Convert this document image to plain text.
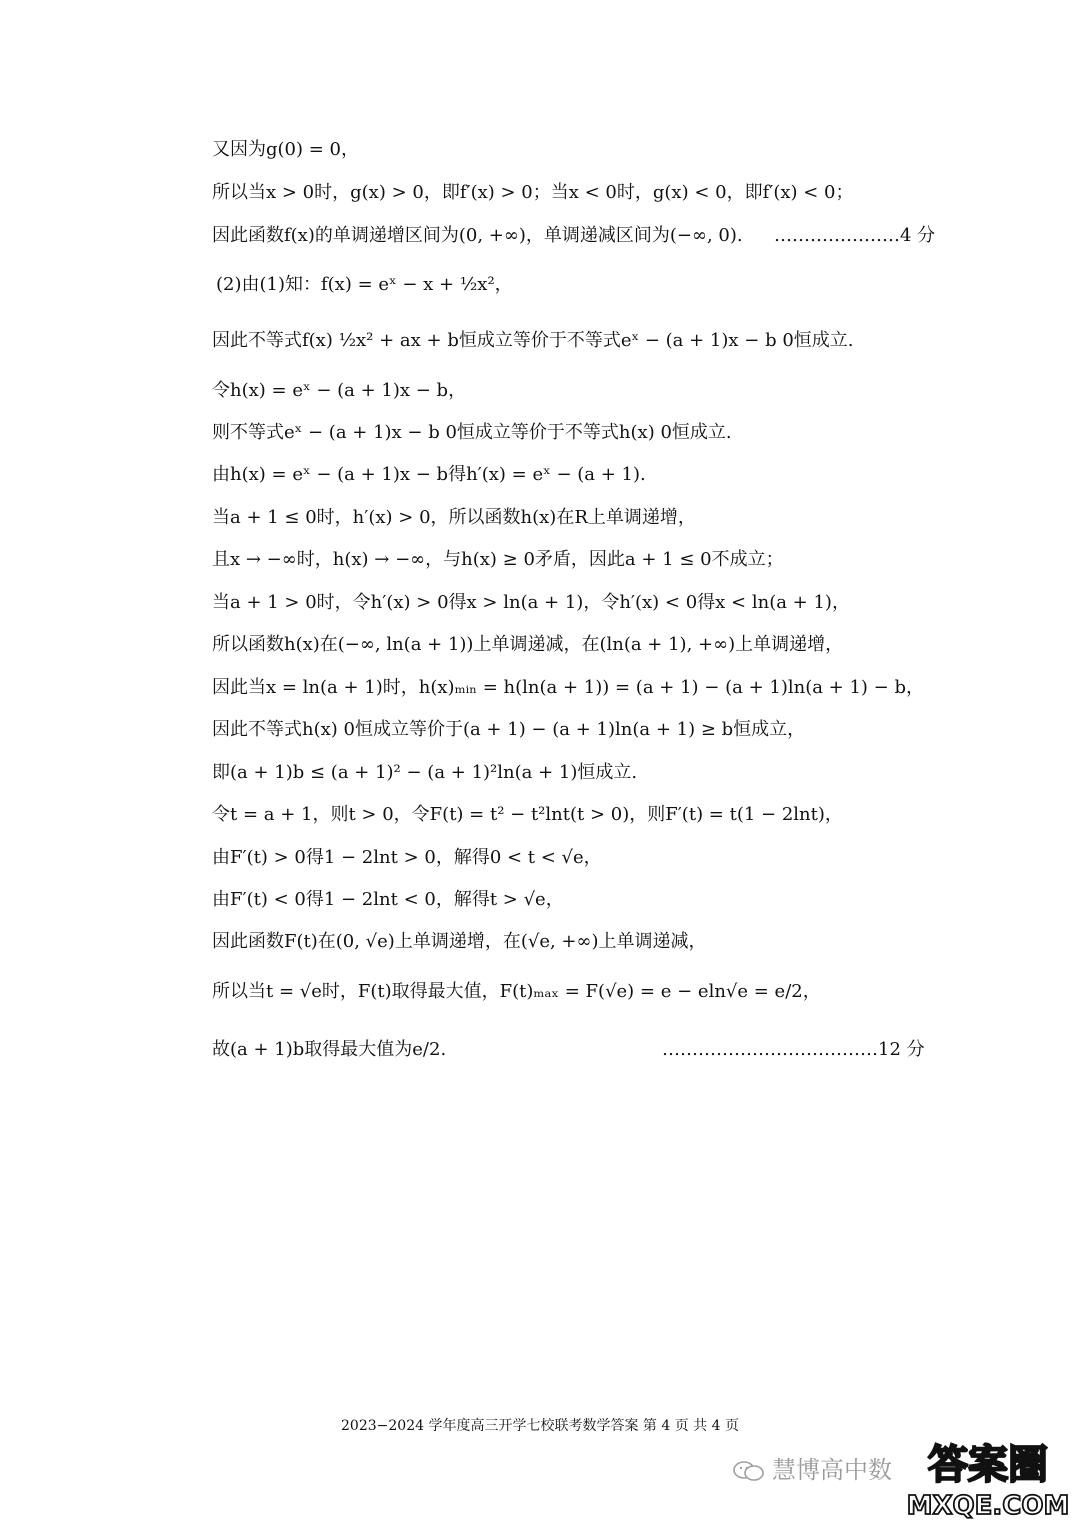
又因为g(0) = 0，
所以当x > 0时，g(x) > 0，即f′(x) > 0；当x < 0时，g(x) < 0，即f′(x) < 0；
因此函数f(x)的单调递增区间为(0, +∞)，单调递减区间为(−∞, 0). …………………4 分
(2)由(1)知：f(x) = eˣ − x + ½x²，
因此不等式f(x) ½x² + ax + b恒成立等价于不等式eˣ − (a + 1)x − b 0恒成立.
令h(x) = eˣ − (a + 1)x − b，
则不等式eˣ − (a + 1)x − b 0恒成立等价于不等式h(x) 0恒成立.
由h(x) = eˣ − (a + 1)x − b得h′(x) = eˣ − (a + 1).
当a + 1 ≤ 0时，h′(x) > 0，所以函数h(x)在R上单调递增，
且x → −∞时，h(x) → −∞，与h(x) ≥ 0矛盾，因此a + 1 ≤ 0不成立；
当a + 1 > 0时，令h′(x) > 0得x > ln(a + 1)，令h′(x) < 0得x < ln(a + 1)，
所以函数h(x)在(−∞, ln(a + 1))上单调递减，在(ln(a + 1), +∞)上单调递增，
因此当x = ln(a + 1)时，h(x)ₘᵢₙ = h(ln(a + 1)) = (a + 1) − (a + 1)ln(a + 1) − b，
因此不等式h(x) 0恒成立等价于(a + 1) − (a + 1)ln(a + 1) ≥ b恒成立，
即(a + 1)b ≤ (a + 1)² − (a + 1)²ln(a + 1)恒成立.
令t = a + 1，则t > 0，令F(t) = t² − t²lnt(t > 0)，则F′(t) = t(1 − 2lnt)，
由F′(t) > 0得1 − 2lnt > 0，解得0 < t < √e，
由F′(t) < 0得1 − 2lnt < 0，解得t > √e，
因此函数F(t)在(0, √e)上单调递增，在(√e, +∞)上单调递减，
所以当t = √e时，F(t)取得最大值，F(t)ₘₐₓ = F(√e) = e − eln√e = e/2，
故(a + 1)b取得最大值为e/2.	………………………………12 分
2023−2024 学年度高三开学七校联考数学答案 第 4 页 共 4 页
慧博高中数 答案圈
MXQE.COM
